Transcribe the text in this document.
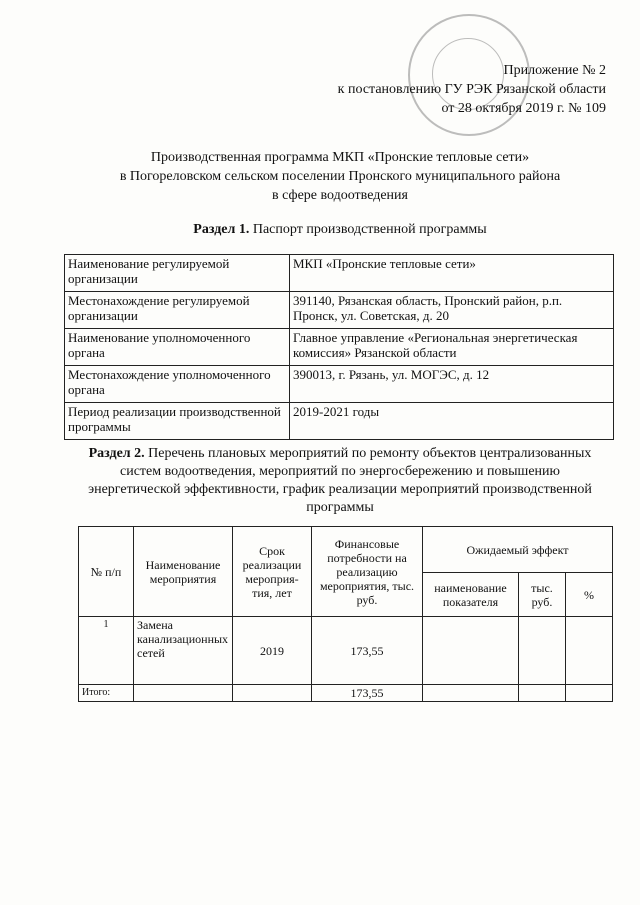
Приложение № 2
к постановлению ГУ РЭК Рязанской области
от 28 октября 2019 г. № 109
Производственная программа МКП «Пронские тепловые сети»
в Погореловском сельском поселении Пронского муниципального района
в сфере водоотведения
Раздел 1. Паспорт производственной программы
Наименование регулируемой организации	МКП «Пронские тепловые сети»
Местонахождение регулируемой организации	391140, Рязанская область, Пронский район, р.п. Пронск, ул. Советская, д. 20
Наименование уполномоченного органа	Главное управление «Региональная энергетическая комиссия» Рязанской области
Местонахождение уполномоченного органа	390013, г. Рязань, ул. МОГЭС, д. 12
Период реализации производственной программы	2019-2021 годы
Раздел 2. Перечень плановых мероприятий по ремонту объектов централизованных систем водоотведения, мероприятий по энергосбережению и повышению энергетической эффективности, график реализации мероприятий производственной программы
№ п/п	Наименование мероприятия	Срок реализации мероприя-тия, лет	Финансовые потребности на реализацию мероприятия, тыс. руб.	Ожидаемый эффект		
				наименование показателя	тыс. руб.	%
1	Замена канализационных сетей	2019	173,55			
Итого:			173,55			
